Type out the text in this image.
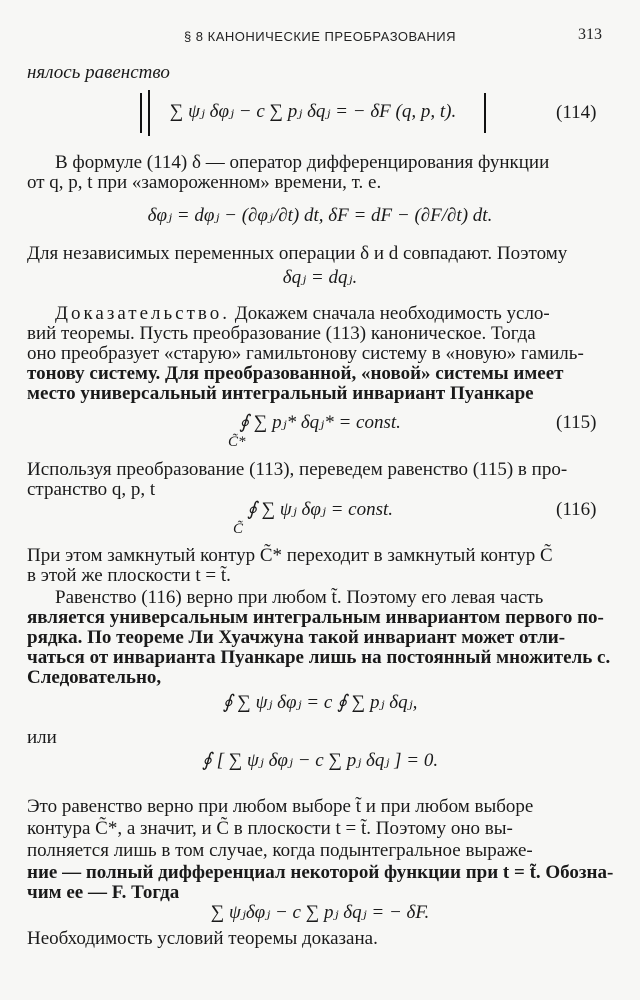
§ 8 КАНОНИЧЕСКИЕ ПРЕОБРАЗОВАНИЯ	313
нялось равенство
∑ ψⱼ δφⱼ − c ∑ pⱼ δqⱼ = − δF (q, p, t).	(114)
В формуле (114) δ — оператор дифференцирования функции
от q, p, t при «замороженном» времени, т. е.
δφⱼ = dφⱼ − (∂φⱼ/∂t) dt, δF = dF − (∂F/∂t) dt.
Для независимых переменных операции δ и d совпадают. Поэтому
δqⱼ = dqⱼ.
Доказательство. Докажем сначала необходимость усло-
вий теоремы. Пусть преобразование (113) каноническое. Тогда
оно преобразует «старую» гамильтонову систему в «новую» гамиль-
тонову систему. Для преобразованной, «новой» системы имеет
место универсальный интегральный инвариант Пуанкаре
∮ ∑ pⱼ* δqⱼ* = const.
C̃*
(115)
Используя преобразование (113), переведем равенство (115) в про-
странство q, p, t
∮ ∑ ψⱼ δφⱼ = const.
C̃
(116)
При этом замкнутый контур C̃* переходит в замкнутый контур C̃
в этой же плоскости t = t̃.
Равенство (116) верно при любом t̃. Поэтому его левая часть
является универсальным интегральным инвариантом первого по-
рядка. По теореме Ли Хуачжуна такой инвариант может отли-
чаться от инварианта Пуанкаре лишь на постоянный множитель c.
Следовательно,
∮ ∑ ψⱼ δφⱼ = c ∮ ∑ pⱼ δqⱼ,
или
∮ [ ∑ ψⱼ δφⱼ − c ∑ pⱼ δqⱼ ] = 0.
Это равенство верно при любом выборе t̃ и при любом выборе
контура C̃*, а значит, и C̃ в плоскости t = t̃. Поэтому оно вы-
полняется лишь в том случае, когда подынтегральное выраже-
ние — полный дифференциал некоторой функции при t = t̃. Обозна-
чим ее — F. Тогда
∑ ψⱼδφⱼ − c ∑ pⱼ δqⱼ = − δF.
Необходимость условий теоремы доказана.
